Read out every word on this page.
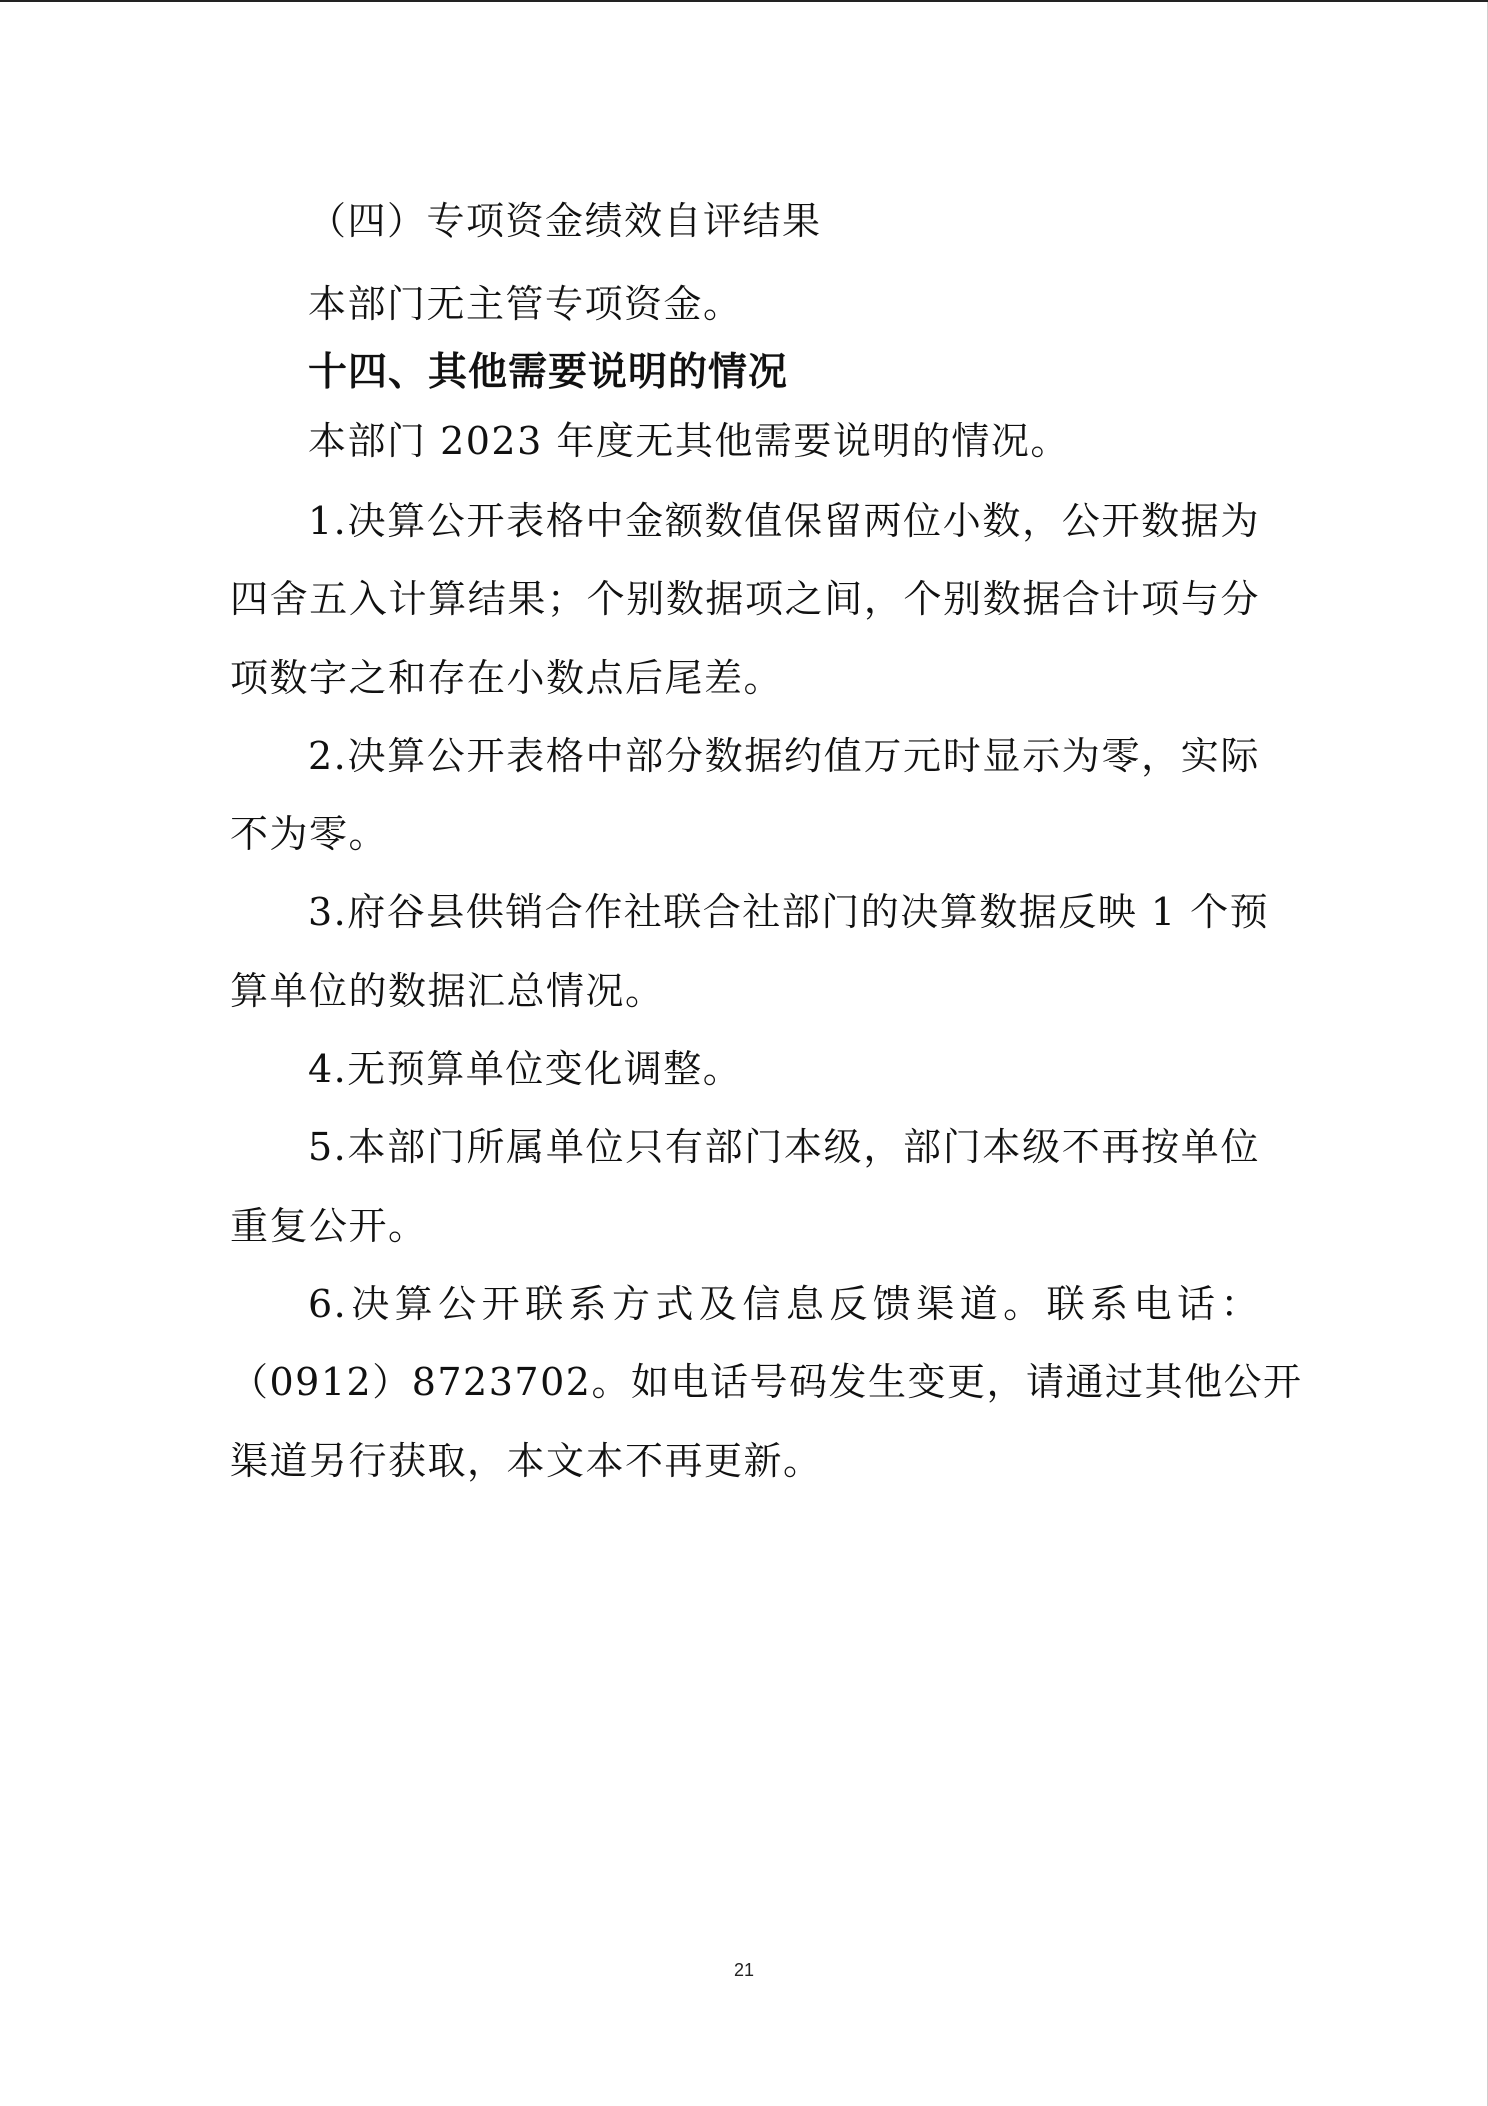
（四）专项资金绩效自评结果
本部门无主管专项资金。
十四、其他需要说明的情况
本部门 2023 年度无其他需要说明的情况。
1.决算公开表格中金额数值保留两位小数，公开数据为
四舍五入计算结果；个别数据项之间，个别数据合计项与分
项数字之和存在小数点后尾差。
2.决算公开表格中部分数据约值万元时显示为零，实际
不为零。
3.府谷县供销合作社联合社部门的决算数据反映 1 个预
算单位的数据汇总情况。
4.无预算单位变化调整。
5.本部门所属单位只有部门本级，部门本级不再按单位
重复公开。
6.决算公开联系方式及信息反馈渠道。联系电话：
（0912）8723702。如电话号码发生变更，请通过其他公开
渠道另行获取，本文本不再更新。
21
